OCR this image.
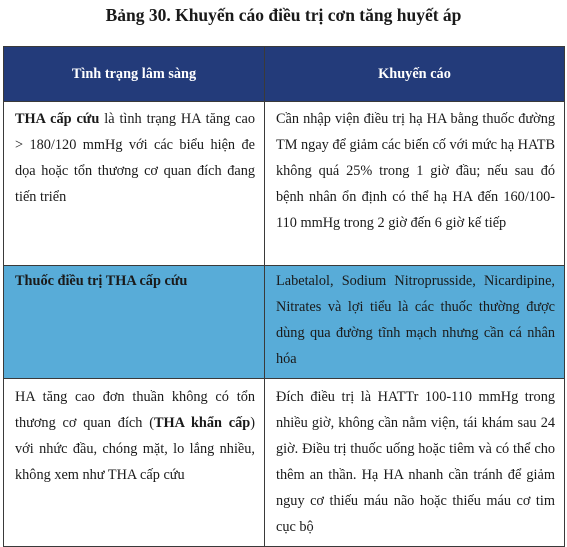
Bảng 30. Khuyến cáo điều trị cơn tăng huyết áp
Tình trạng lâm sàng	Khuyến cáo
THA cấp cứu là tình trạng HA tăng cao > 180/120 mmHg với các biểu hiện đe dọa hoặc tổn thương cơ quan đích đang tiến triển	Cần nhập viện điều trị hạ HA bằng thuốc đường TM ngay để giảm các biến cố với mức hạ HATB không quá 25% trong 1 giờ đầu; nếu sau đó bệnh nhân ổn định có thể hạ HA đến 160/100-110 mmHg trong 2 giờ đến 6 giờ kế tiếp
Thuốc điều trị THA cấp cứu	Labetalol, Sodium Nitroprusside, Nicardipine, Nitrates và lợi tiểu là các thuốc thường được dùng qua đường tĩnh mạch nhưng cần cá nhân hóa
HA tăng cao đơn thuần không có tổn thương cơ quan đích (THA khẩn cấp) với nhức đầu, chóng mặt, lo lắng nhiều, không xem như THA cấp cứu	Đích điều trị là HATTr 100-110 mmHg trong nhiều giờ, không cần nằm viện, tái khám sau 24 giờ. Điều trị thuốc uống hoặc tiêm và có thể cho thêm an thần. Hạ HA nhanh cần tránh để giảm nguy cơ thiếu máu não hoặc thiếu máu cơ tim cục bộ
